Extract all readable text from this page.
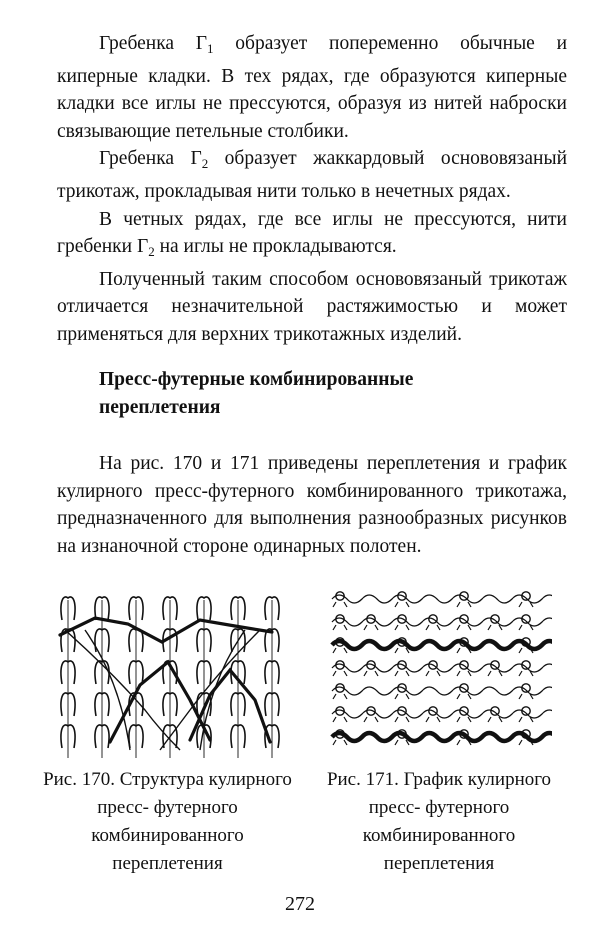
Гребенка $Г_1$ образует попеременно обычные и киперные кладки. В тех рядах, где образуются киперные кладки все иглы не прессуются, образуя из нитей наброски связывающие петельные столбики.

Гребенка $Г_2$ образует жаккардовый основовязаный трикотаж, прокладывая нити только в нечетных рядах.

В четных рядах, где все иглы не прессуются, нити гребенки $Г_2$ на иглы не прокладываются.

Полученный таким способом основовязаный трикотаж отличается незначительной растяжимостью и может применяться для верхних трикотажных изделий.

Пресс-футерные комбинированные
переплетения

На рис. 170 и 171 приведены переплетения и график кулирного пресс-футерного комбинированного трикотажа, предназначенного для выполнения разнообразных рисунков на изнаночной стороне одинарных полотен.

Рис. 170. Структура кулирного пресс- футерного комбинированного переплетения
Рис. 171. График кулирного пресс- футерного комбинированного переплетения
272
